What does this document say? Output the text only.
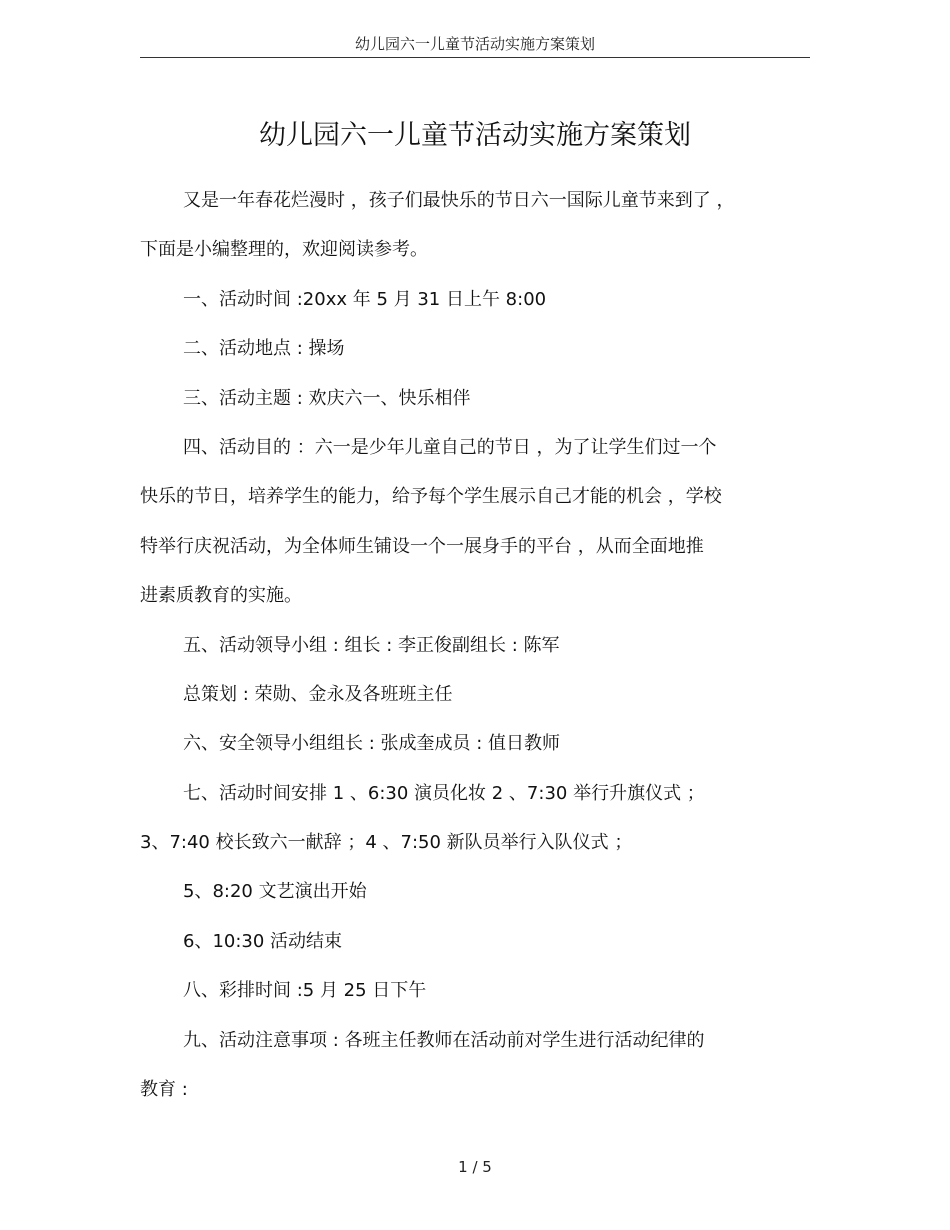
幼儿园六一儿童节活动实施方案策划
幼儿园六一儿童节活动实施方案策划
又是一年春花烂漫时 ，孩子们最快乐的节日六一国际儿童节来到了 ，
下面是小编整理的，欢迎阅读参考。
一、活动时间 :20xx 年 5 月 31 日上午 8:00
二、活动地点 : 操场
三、活动主题 : 欢庆六一、快乐相伴
四、活动目的 ：六一是少年儿童自己的节日 ，为了让学生们过一个
快乐的节日，培养学生的能力，给予每个学生展示自己才能的机会 ，学校
特举行庆祝活动，为全体师生铺设一个一展身手的平台 ，从而全面地推
进素质教育的实施。
五、活动领导小组 : 组长 : 李正俊副组长 : 陈军
总策划 : 荣勋、金永及各班班主任
六、安全领导小组组长 : 张成奎成员 : 值日教师
七、活动时间安排 1 、6:30 演员化妆 2 、7:30 举行升旗仪式 ；
3、7:40 校长致六一献辞 ；4 、7:50 新队员举行入队仪式 ；
5、8:20 文艺演出开始
6、10:30 活动结束
八、彩排时间 :5 月 25 日下午
九、活动注意事项 : 各班主任教师在活动前对学生进行活动纪律的
教育 :
1 / 5
